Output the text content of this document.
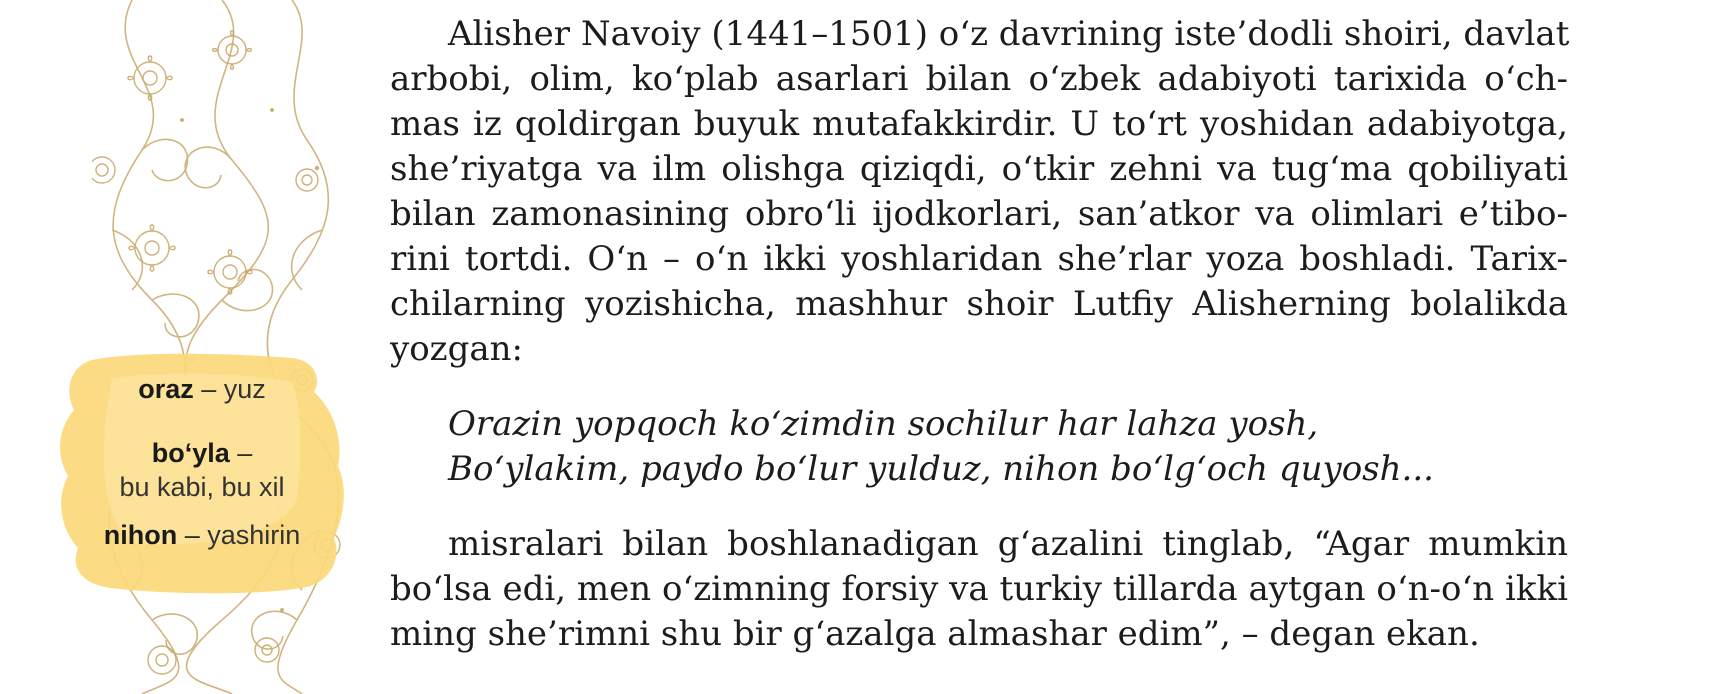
oraz – yuz
bo‘yla –
bu kabi, bu xil
nihon – yashirin
Alisher Navoiy (1441–1501) o‘z davrining iste’dodli shoiri, davlat
arbobi, olim, ko‘plab asarlari bilan o‘zbek adabiyoti tarixida o‘ch-
mas iz qoldirgan buyuk mutafakkirdir. U to‘rt yoshidan adabiyotga,
she’riyatga va ilm olishga qiziqdi, o‘tkir zehni va tug‘ma qobiliyati
bilan zamonasining obro‘li ijodkorlari, san’atkor va olimlari e’tibo-
rini tortdi. O‘n – o‘n ikki yoshlaridan she’rlar yoza boshladi. Tarix-
chilarning yozishicha, mashhur shoir Lutfiy Alisherning bolalikda
yozgan:
Orazin yopqoch ko‘zimdin sochilur har lahza yosh,
Bo‘ylakim, paydo bo‘lur yulduz, nihon bo‘lg‘och quyosh...
misralari bilan boshlanadigan g‘azalini tinglab, “Agar mumkin
bo‘lsa edi, men o‘zimning forsiy va turkiy tillarda aytgan o‘n-o‘n ikki
ming she’rimni shu bir g‘azalga almashar edim”, – degan ekan.
